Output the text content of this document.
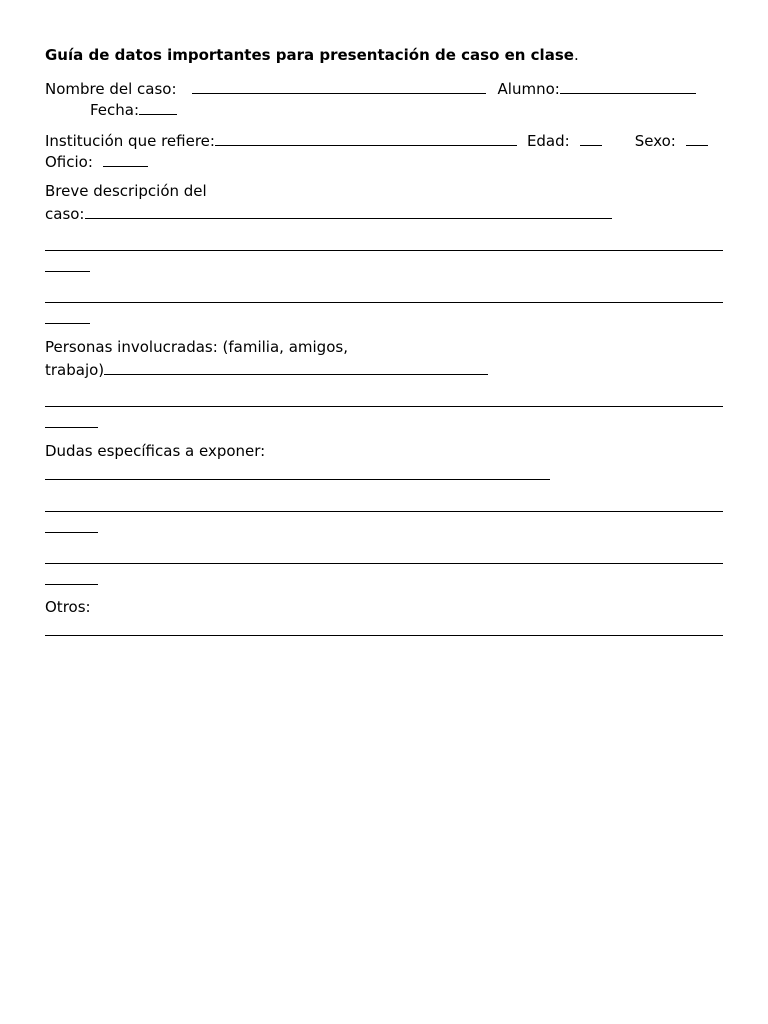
Guía de datos importantes para presentación de caso en clase.
Nombre del caso:	Alumno:
Fecha:
Institución que refiere:	Edad:	Sexo:
Oficio:
Breve descripción del
caso:
Personas involucradas: (familia, amigos,
trabajo)
Dudas específicas a exponer:
Otros:
